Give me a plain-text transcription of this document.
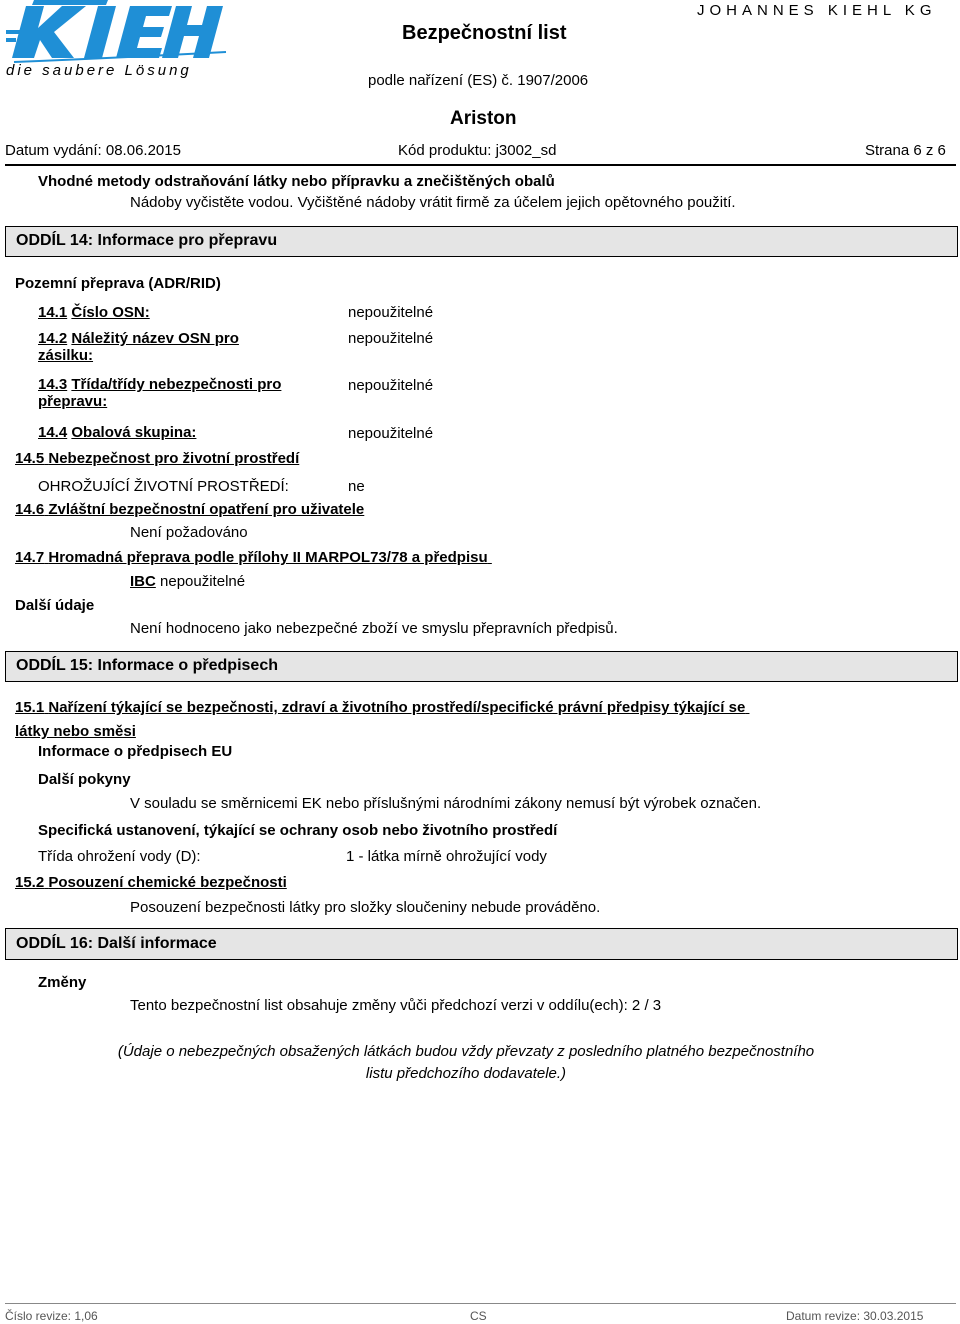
die saubere Lösung
Bezpečnostní list
JOHANNES KIEHL KG
podle nařízení (ES) č. 1907/2006
Ariston
Datum vydání: 08.06.2015	Kód produktu: j3002_sd	Strana 6 z 6
Vhodné metody odstraňování látky nebo přípravku a znečištěných obalů
Nádoby vyčistěte vodou. Vyčištěné nádoby vrátit firmě za účelem jejich opětovného použití.
ODDÍL 14: Informace pro přepravu
Pozemní přeprava (ADR/RID)
14.1 Číslo OSN:	nepoužitelné
14.2 Náležitý název OSN pro
zásilku:
nepoužitelné
14.3 Třída/třídy nebezpečnosti pro
přepravu:
nepoužitelné
14.4 Obalová skupina:	nepoužitelné
14.5 Nebezpečnost pro životní prostředí
OHROŽUJÍCÍ ŽIVOTNÍ PROSTŘEDÍ:	ne
14.6 Zvláštní bezpečnostní opatření pro uživatele
Není požadováno
14.7 Hromadná přeprava podle přílohy II MARPOL73/78 a předpisu
IBC nepoužitelné
Další údaje
Není hodnoceno jako nebezpečné zboží ve smyslu přepravních předpisů.
ODDÍL 15: Informace o předpisech
15.1 Nařízení týkající se bezpečnosti, zdraví a životního prostředí/specifické právní předpisy týkající se
látky nebo směsi
Informace o předpisech EU
Další pokyny
V souladu se směrnicemi EK nebo příslušnými národními zákony nemusí být výrobek označen.
Specifická ustanovení, týkající se ochrany osob nebo životního prostředí
Třída ohrožení vody (D):	1 - látka mírně ohrožující vody
15.2 Posouzení chemické bezpečnosti
Posouzení bezpečnosti látky pro složky sloučeniny nebude prováděno.
ODDÍL 16: Další informace
Změny
Tento bezpečnostní list obsahuje změny vůči předchozí verzi v oddílu(ech): 2 / 3
(Údaje o nebezpečných obsažených látkách budou vždy převzaty z posledního platného bezpečnostního
listu předchozího dodavatele.)
Číslo revize: 1,06	CS	Datum revize: 30.03.2015
